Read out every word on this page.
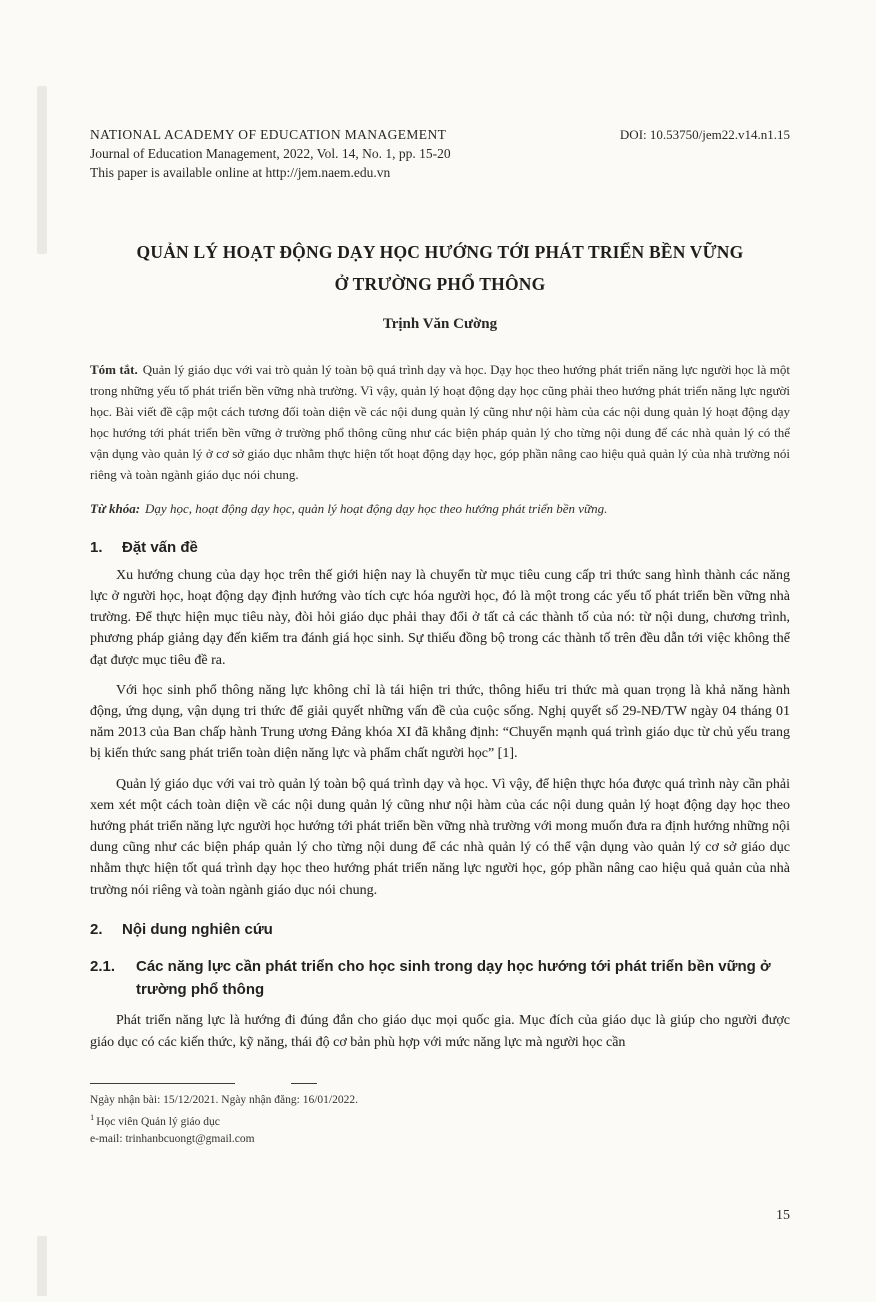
NATIONAL ACADEMY OF EDUCATION MANAGEMENT
Journal of Education Management, 2022, Vol. 14, No. 1, pp. 15-20
This paper is available online at http://jem.naem.edu.vn
DOI: 10.53750/jem22.v14.n1.15
QUẢN LÝ HOẠT ĐỘNG DẠY HỌC HƯỚNG TỚI PHÁT TRIỂN BỀN VỮNG
Ở TRƯỜNG PHỔ THÔNG
Trịnh Văn Cường

Tóm tắt. Quản lý giáo dục với vai trò quản lý toàn bộ quá trình dạy và học. Dạy học theo hướng phát triển năng lực người học là một trong những yếu tố phát triển bền vững nhà trường. Vì vậy, quản lý hoạt động dạy học cũng phải theo hướng phát triển năng lực người học. Bài viết đề cập một cách tương đối toàn diện về các nội dung quản lý cũng như nội hàm của các nội dung quản lý hoạt động dạy học hướng tới phát triển bền vững ở trường phổ thông cũng như các biện pháp quản lý cho từng nội dung để các nhà quản lý có thể vận dụng vào quản lý ở cơ sở giáo dục nhằm thực hiện tốt hoạt động dạy học, góp phần nâng cao hiệu quả quản lý của nhà trường nói riêng và toàn ngành giáo dục nói chung.

Từ khóa: Dạy học, hoạt động dạy học, quản lý hoạt động dạy học theo hướng phát triển bền vững.

1. Đặt vấn đề

Xu hướng chung của dạy học trên thế giới hiện nay là chuyển từ mục tiêu cung cấp tri thức sang hình thành các năng lực ở người học, hoạt động dạy định hướng vào tích cực hóa người học, đó là một trong các yếu tố phát triển bền vững nhà trường. Để thực hiện mục tiêu này, đòi hỏi giáo dục phải thay đổi ở tất cả các thành tố của nó: từ nội dung, chương trình, phương pháp giảng dạy đến kiểm tra đánh giá học sinh. Sự thiếu đồng bộ trong các thành tố trên đều dẫn tới việc không thể đạt được mục tiêu đề ra.

Với học sinh phổ thông năng lực không chỉ là tái hiện tri thức, thông hiểu tri thức mà quan trọng là khả năng hành động, ứng dụng, vận dụng tri thức để giải quyết những vấn đề của cuộc sống. Nghị quyết số 29-NĐ/TW ngày 04 tháng 01 năm 2013 của Ban chấp hành Trung ương Đảng khóa XI đã khẳng định: “Chuyển mạnh quá trình giáo dục từ chủ yếu trang bị kiến thức sang phát triển toàn diện năng lực và phẩm chất người học” [1].

Quản lý giáo dục với vai trò quản lý toàn bộ quá trình dạy và học. Vì vậy, để hiện thực hóa được quá trình này cần phải xem xét một cách toàn diện về các nội dung quản lý cũng như nội hàm của các nội dung quản lý hoạt động dạy học theo hướng phát triển năng lực người học hướng tới phát triển bền vững nhà trường với mong muốn đưa ra định hướng những nội dung cũng như các biện pháp quản lý cho từng nội dung để các nhà quản lý có thể vận dụng vào quản lý cơ sở giáo dục nhằm thực hiện tốt quá trình dạy học theo hướng phát triển năng lực người học, góp phần nâng cao hiệu quả quản của nhà trường nói riêng và toàn ngành giáo dục nói chung.

2. Nội dung nghiên cứu
2.1.	Các năng lực cần phát triển cho học sinh trong dạy học hướng tới phát triển bền vững ở trường phổ thông

Phát triển năng lực là hướng đi đúng đắn cho giáo dục mọi quốc gia. Mục đích của giáo dục là giúp cho người được giáo dục có các kiến thức, kỹ năng, thái độ cơ bản phù hợp với mức năng lực mà người học cần

Ngày nhận bài: 15/12/2021. Ngày nhận đăng: 16/01/2022.
$^1$ Học viên Quản lý giáo dục
e-mail: trinhanbcuongt@gmail.com
15
